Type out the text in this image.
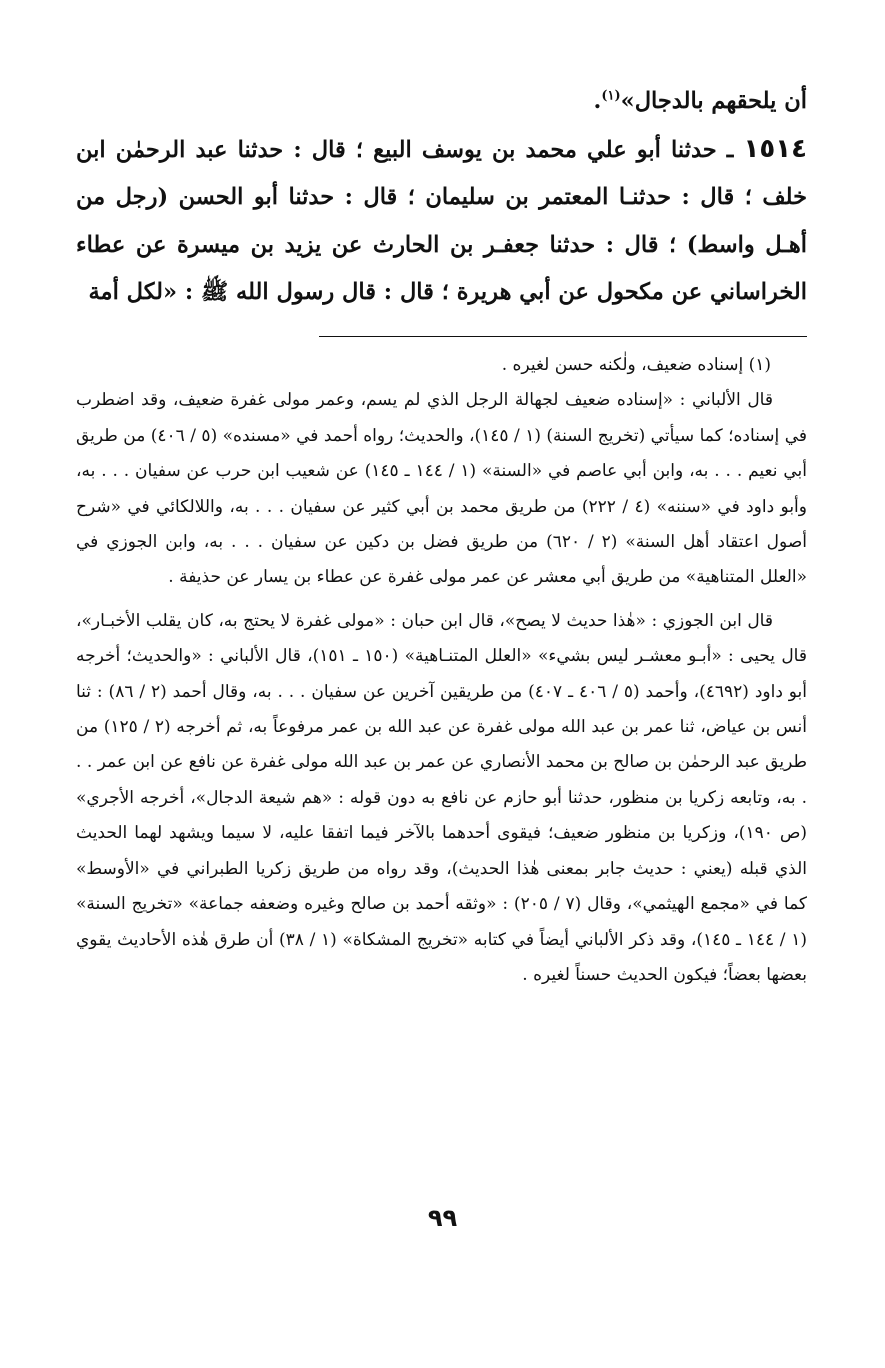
أن يلحقهم بالدجال»$^{(١)}$.

١٥١٤ ـ حدثنا أبو علي محمد بن يوسف البيع ؛ قال : حدثنا عبد الرحمٰن ابن خلف ؛ قال : حدثنـا المعتمر بن سليمان ؛ قال : حدثنا أبو الحسن (رجل من أهـل واسط) ؛ قال : حدثنا جعفـر بن الحارث عن يزيد بن ميسرة عن عطاء الخراساني عن مكحول عن أبي هريرة ؛ قال : قال رسول الله ﷺ : «لكل أمة

(١) إسناده ضعيف، ولٰكنه حسن لغيره .

قال الألباني : «إسناده ضعيف لجهالة الرجل الذي لم يسم، وعمر مولى غفرة ضعيف، وقد اضطرب في إسناده؛ كما سيأتي (تخريج السنة) (١ / ١٤٥)، والحديث؛ رواه أحمد في «مسنده» (٥ / ٤٠٦) من طريق أبي نعيم . . . به، وابن أبي عاصم في «السنة» (١ / ١٤٤ ـ ١٤٥) عن شعيب ابن حرب عن سفيان . . . به، وأبو داود في «سننه» (٤ / ٢٢٢) من طريق محمد بن أبي كثير عن سفيان . . . به، واللالكائي في «شرح أصول اعتقاد أهل السنة» (٢ / ٦٢٠) من طريق فضل بن دكين عن سفيان . . . به، وابن الجوزي في «العلل المتناهية» من طريق أبي معشر عن عمر مولى غفرة عن عطاء بن يسار عن حذيفة .

قال ابن الجوزي : «هٰذا حديث لا يصح»، قال ابن حبان : «مولى غفرة لا يحتج به، كان يقلب الأخبـار»، قال يحيى : «أبـو معشـر ليس بشيء» «العلل المتنـاهية» (١٥٠ ـ ١٥١)، قال الألباني : «والحديث؛ أخرجه أبو داود (٤٦٩٢)، وأحمد (٥ / ٤٠٦ ـ ٤٠٧) من طريقين آخرين عن سفيان . . . به، وقال أحمد (٢ / ٨٦) : ثنا أنس بن عياض، ثنا عمر بن عبد الله مولى غفرة عن عبد الله بن عمر مرفوعاً به، ثم أخرجه (٢ / ١٢٥) من طريق عبد الرحمٰن بن صالح بن محمد الأنصاري عن عمر بن عبد الله مولى غفرة عن نافع عن ابن عمر . . . به، وتابعه زكريا بن منظور، حدثنا أبو حازم عن نافع به دون قوله : «هم شيعة الدجال»، أخرجه الأجري» (ص ١٩٠)، وزكريا بن منظور ضعيف؛ فيقوى أحدهما بالآخر فيما اتفقا عليه، لا سيما ويشهد لهما الحديث الذي قبله (يعني : حديث جابر بمعنى هٰذا الحديث)، وقد رواه من طريق زكريا الطبراني في «الأوسط» كما في «مجمع الهيثمي»، وقال (٧ / ٢٠٥) : «وثقه أحمد بن صالح وغيره وضعفه جماعة» «تخريج السنة» (١ / ١٤٤ ـ ١٤٥)، وقد ذكر الألباني أيضاً في كتابه «تخريج المشكاة» (١ / ٣٨) أن طرق هٰذه الأحاديث يقوي بعضها بعضاً؛ فيكون الحديث حسناً لغيره .

٩٩
